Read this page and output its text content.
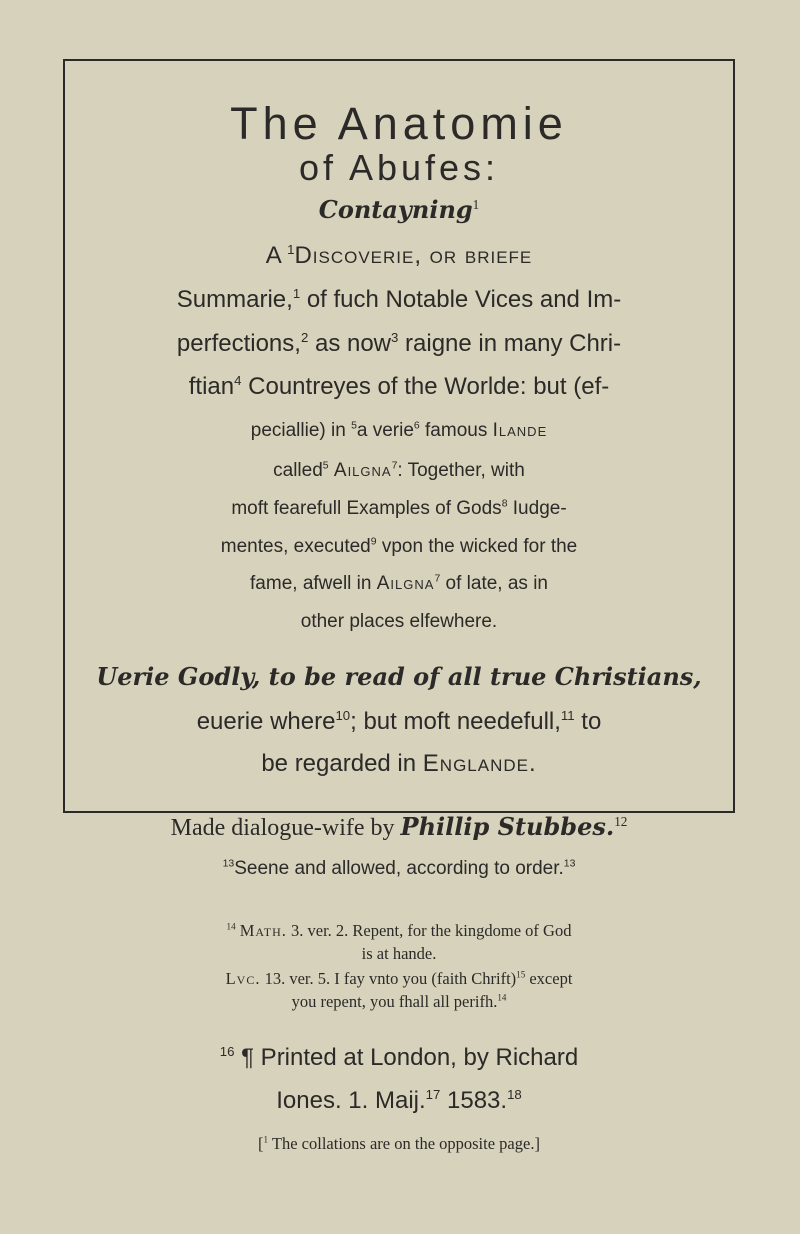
The Anatomie
of Abufes:
Contayning$^1$
A $^1$Discoverie, or briefe
Summarie,$^1$ of fuch Notable Vices and Im-
perfections,$^2$ as now$^3$ raigne in many Chri-
ftian$^4$ Countreyes of the Worlde: but (ef-
peciallie) in $^5$a verie$^6$ famous Ilande
called$^5$ Ailgna$^7$: Together, with
moft fearefull Examples of Gods$^8$ Iudge-
mentes, executed$^9$ vpon the wicked for the
fame, afwell in Ailgna$^7$ of late, as in
other places elfewhere.
Uerie Godly, to be read of all true Christians,
euerie where$^{10}$; but moft needefull,$^{11}$ to
be regarded in Englande.
Made dialogue-wife by Phillip Stubbes.$^{12}$
$^{13}$Seene and allowed, according to order.$^{13}$
$^{14}$ Math. 3. ver. 2. Repent, for the kingdome of God
is at hande.
Lvc. 13. ver. 5. I fay vnto you (faith Chrift)$^{15}$ except
you repent, you fhall all perifh.$^{14}$
$^{16}$ ¶ Printed at London, by Richard
Iones. 1. Maij.$^{17}$ 1583.18
[$^1$ The collations are on the opposite page.]
